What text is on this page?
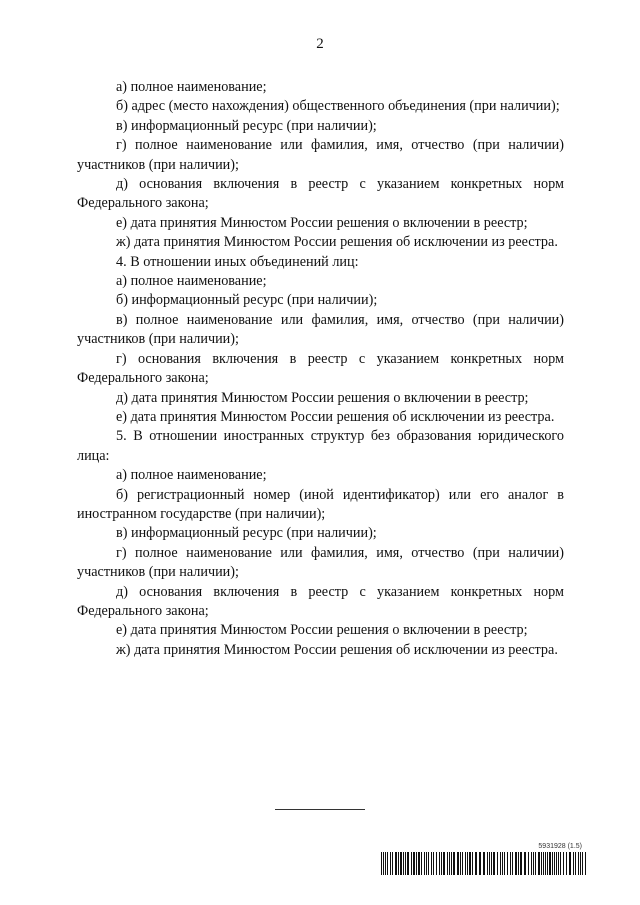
2

а) полное наименование;

б) адрес (место нахождения) общественного объединения (при наличии);

в) информационный ресурс (при наличии);

г) полное наименование или фамилия, имя, отчество (при наличии) участников (при наличии);

д) основания включения в реестр с указанием конкретных норм Федерального закона;

е) дата принятия Минюстом России решения о включении в реестр;

ж) дата принятия Минюстом России решения об исключении из реестра.

4. В отношении иных объединений лиц:

а) полное наименование;

б) информационный ресурс (при наличии);

в) полное наименование или фамилия, имя, отчество (при наличии) участников (при наличии);

г) основания включения в реестр с указанием конкретных норм Федерального закона;

д) дата принятия Минюстом России решения о включении в реестр;

е) дата принятия Минюстом России решения об исключении из реестра.

5. В отношении иностранных структур без образования юридического лица:

а) полное наименование;

б) регистрационный номер (иной идентификатор) или его аналог в иностранном государстве (при наличии);

в) информационный ресурс (при наличии);

г) полное наименование или фамилия, имя, отчество (при наличии) участников (при наличии);

д) основания включения в реестр с указанием конкретных норм Федерального закона;

е) дата принятия Минюстом России решения о включении в реестр;

ж) дата принятия Минюстом России решения об исключении из реестра.

5931928 (1.5)
